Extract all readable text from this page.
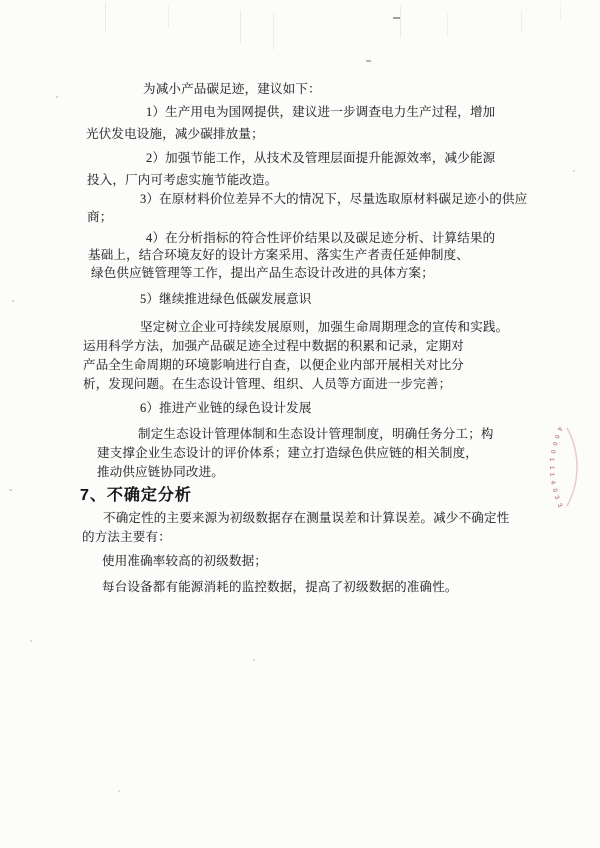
为减小产品碳足迹，建议如下：
1）生产用电为国网提供，建议进一步调查电力生产过程，增加
光伏发电设施，减少碳排放量；
2）加强节能工作，从技术及管理层面提升能源效率，减少能源
投入，厂内可考虑实施节能改造。
3）在原材料价位差异不大的情况下，尽量选取原材料碳足迹小的供应
商；
4）在分析指标的符合性评价结果以及碳足迹分析、计算结果的
基础上，结合环境友好的设计方案采用、落实生产者责任延伸制度、
绿色供应链管理等工作，提出产品生态设计改进的具体方案；
5）继续推进绿色低碳发展意识
坚定树立企业可持续发展原则，加强生命周期理念的宣传和实践。
运用科学方法，加强产品碳足迹全过程中数据的积累和记录，定期对
产品全生命周期的环境影响进行自查，以便企业内部开展相关对比分
析，发现问题。在生态设计管理、组织、人员等方面进一步完善；
6）推进产业链的绿色设计发展
制定生态设计管理体制和生态设计管理制度，明确任务分工；构
建支撑企业生态设计的评价体系；建立打造绿色供应链的相关制度，
推动供应链协同改进。
7、不确定分析
不确定性的主要来源为初级数据存在测量误差和计算误差。减少不确定性
的方法主要有：
使用准确率较高的初级数据；
每台设备都有能源消耗的监控数据，提高了初级数据的准确性。
3
3
0
4
1
1
1
0
0
0
4
